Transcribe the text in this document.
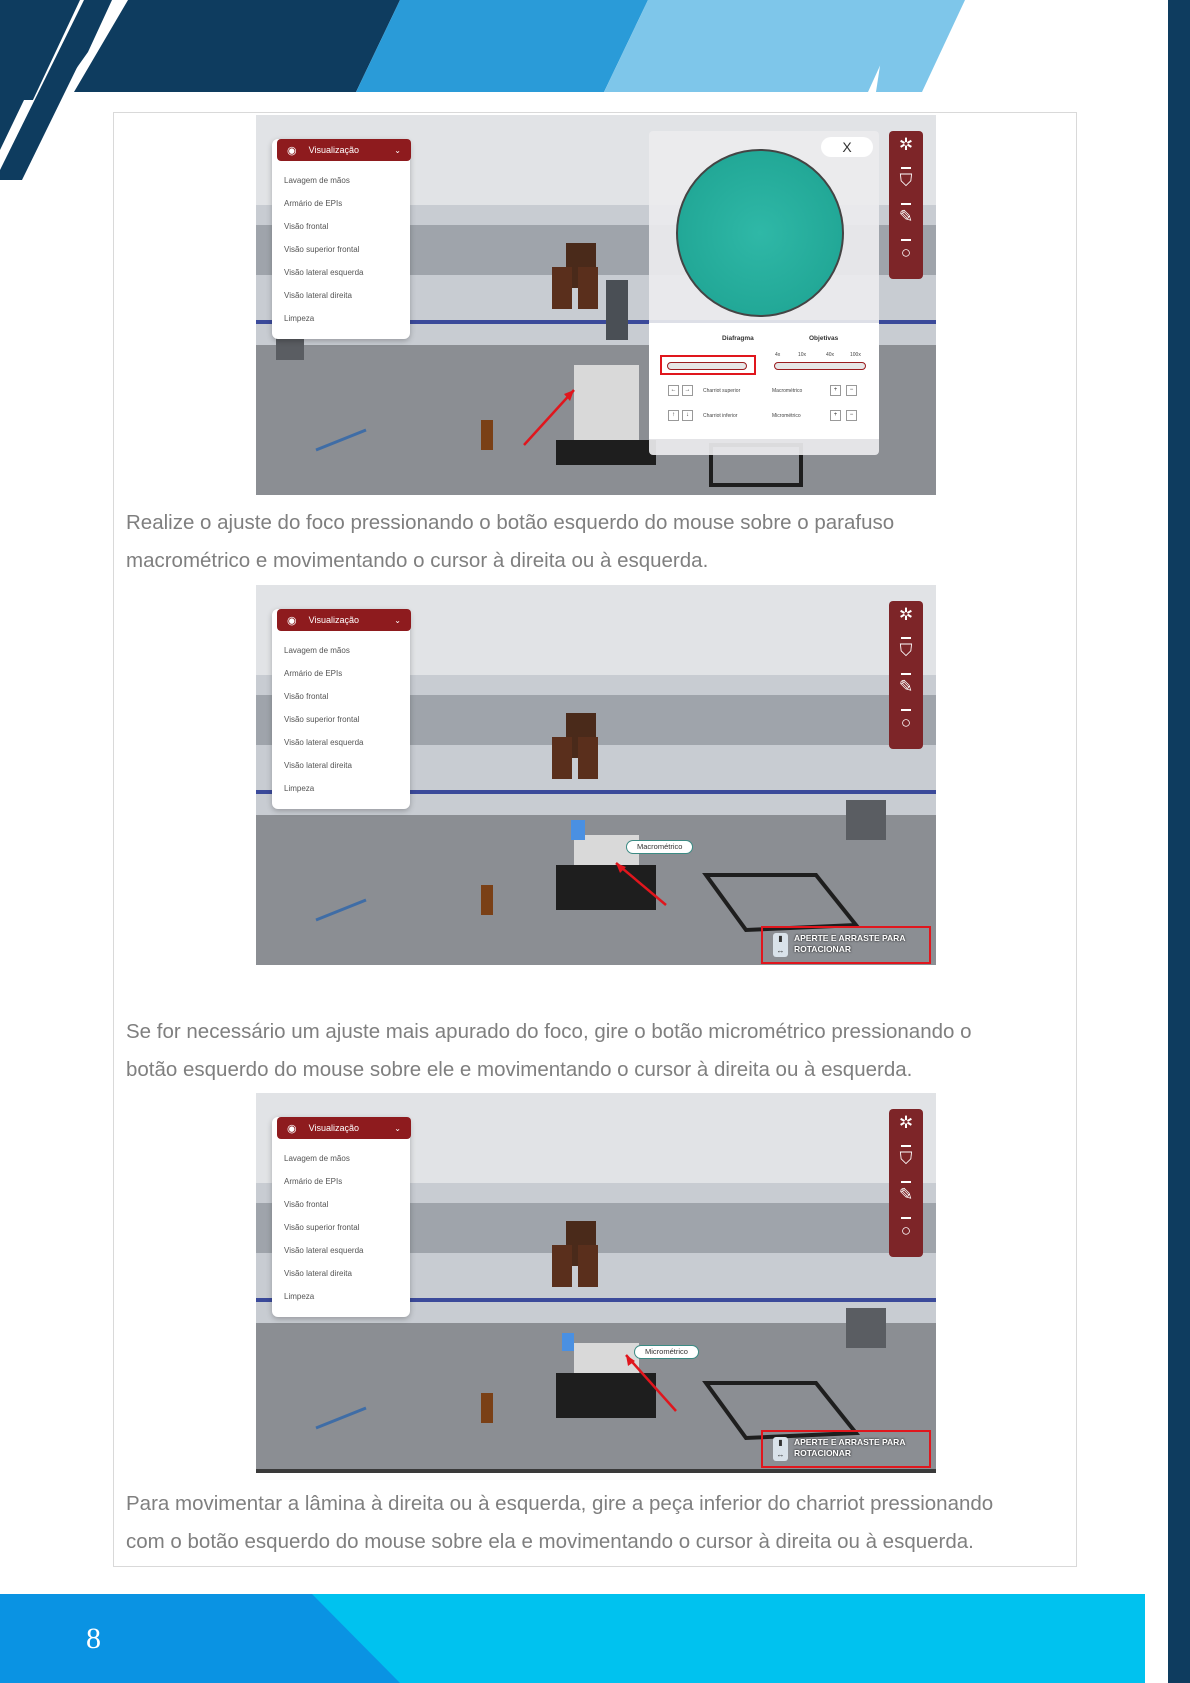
◉ Visualização	⌄
Lavagem de mãos
Armário de EPIs
Visão frontal
Visão superior frontal
Visão lateral esquerda
Visão lateral direita
Limpeza
X
Diafragma	Objetivas
4x	10x	40x	100x
←	→	Charriot superior	Macrométrico	+	−
↑	↓	Charriot inferior	Micrométrico	+	−
✲
⛉
✎
○
Realize o ajuste do foco pressionando o botão esquerdo do mouse sobre o parafuso
macrométrico e movimentando o cursor à direita ou à esquerda.
◉ Visualização	⌄
Lavagem de mãos
Armário de EPIs
Visão frontal
Visão superior frontal
Visão lateral esquerda
Visão lateral direita
Limpeza
Macrométrico
✲
⛉
✎
○
▮
↔
APERTE E ARRASTE PARA ROTACIONAR
Se for necessário um ajuste mais apurado do foco, gire o botão micrométrico pressionando o
botão esquerdo do mouse sobre ele e movimentando o cursor à direita ou à esquerda.
◉ Visualização	⌄
Lavagem de mãos
Armário de EPIs
Visão frontal
Visão superior frontal
Visão lateral esquerda
Visão lateral direita
Limpeza
Micrométrico
✲
⛉
✎
○
▮
↔
APERTE E ARRASTE PARA ROTACIONAR
Para movimentar a lâmina à direita ou à esquerda, gire a peça inferior do charriot pressionando
com o botão esquerdo do mouse sobre ela e movimentando o cursor à direita ou à esquerda.
8
